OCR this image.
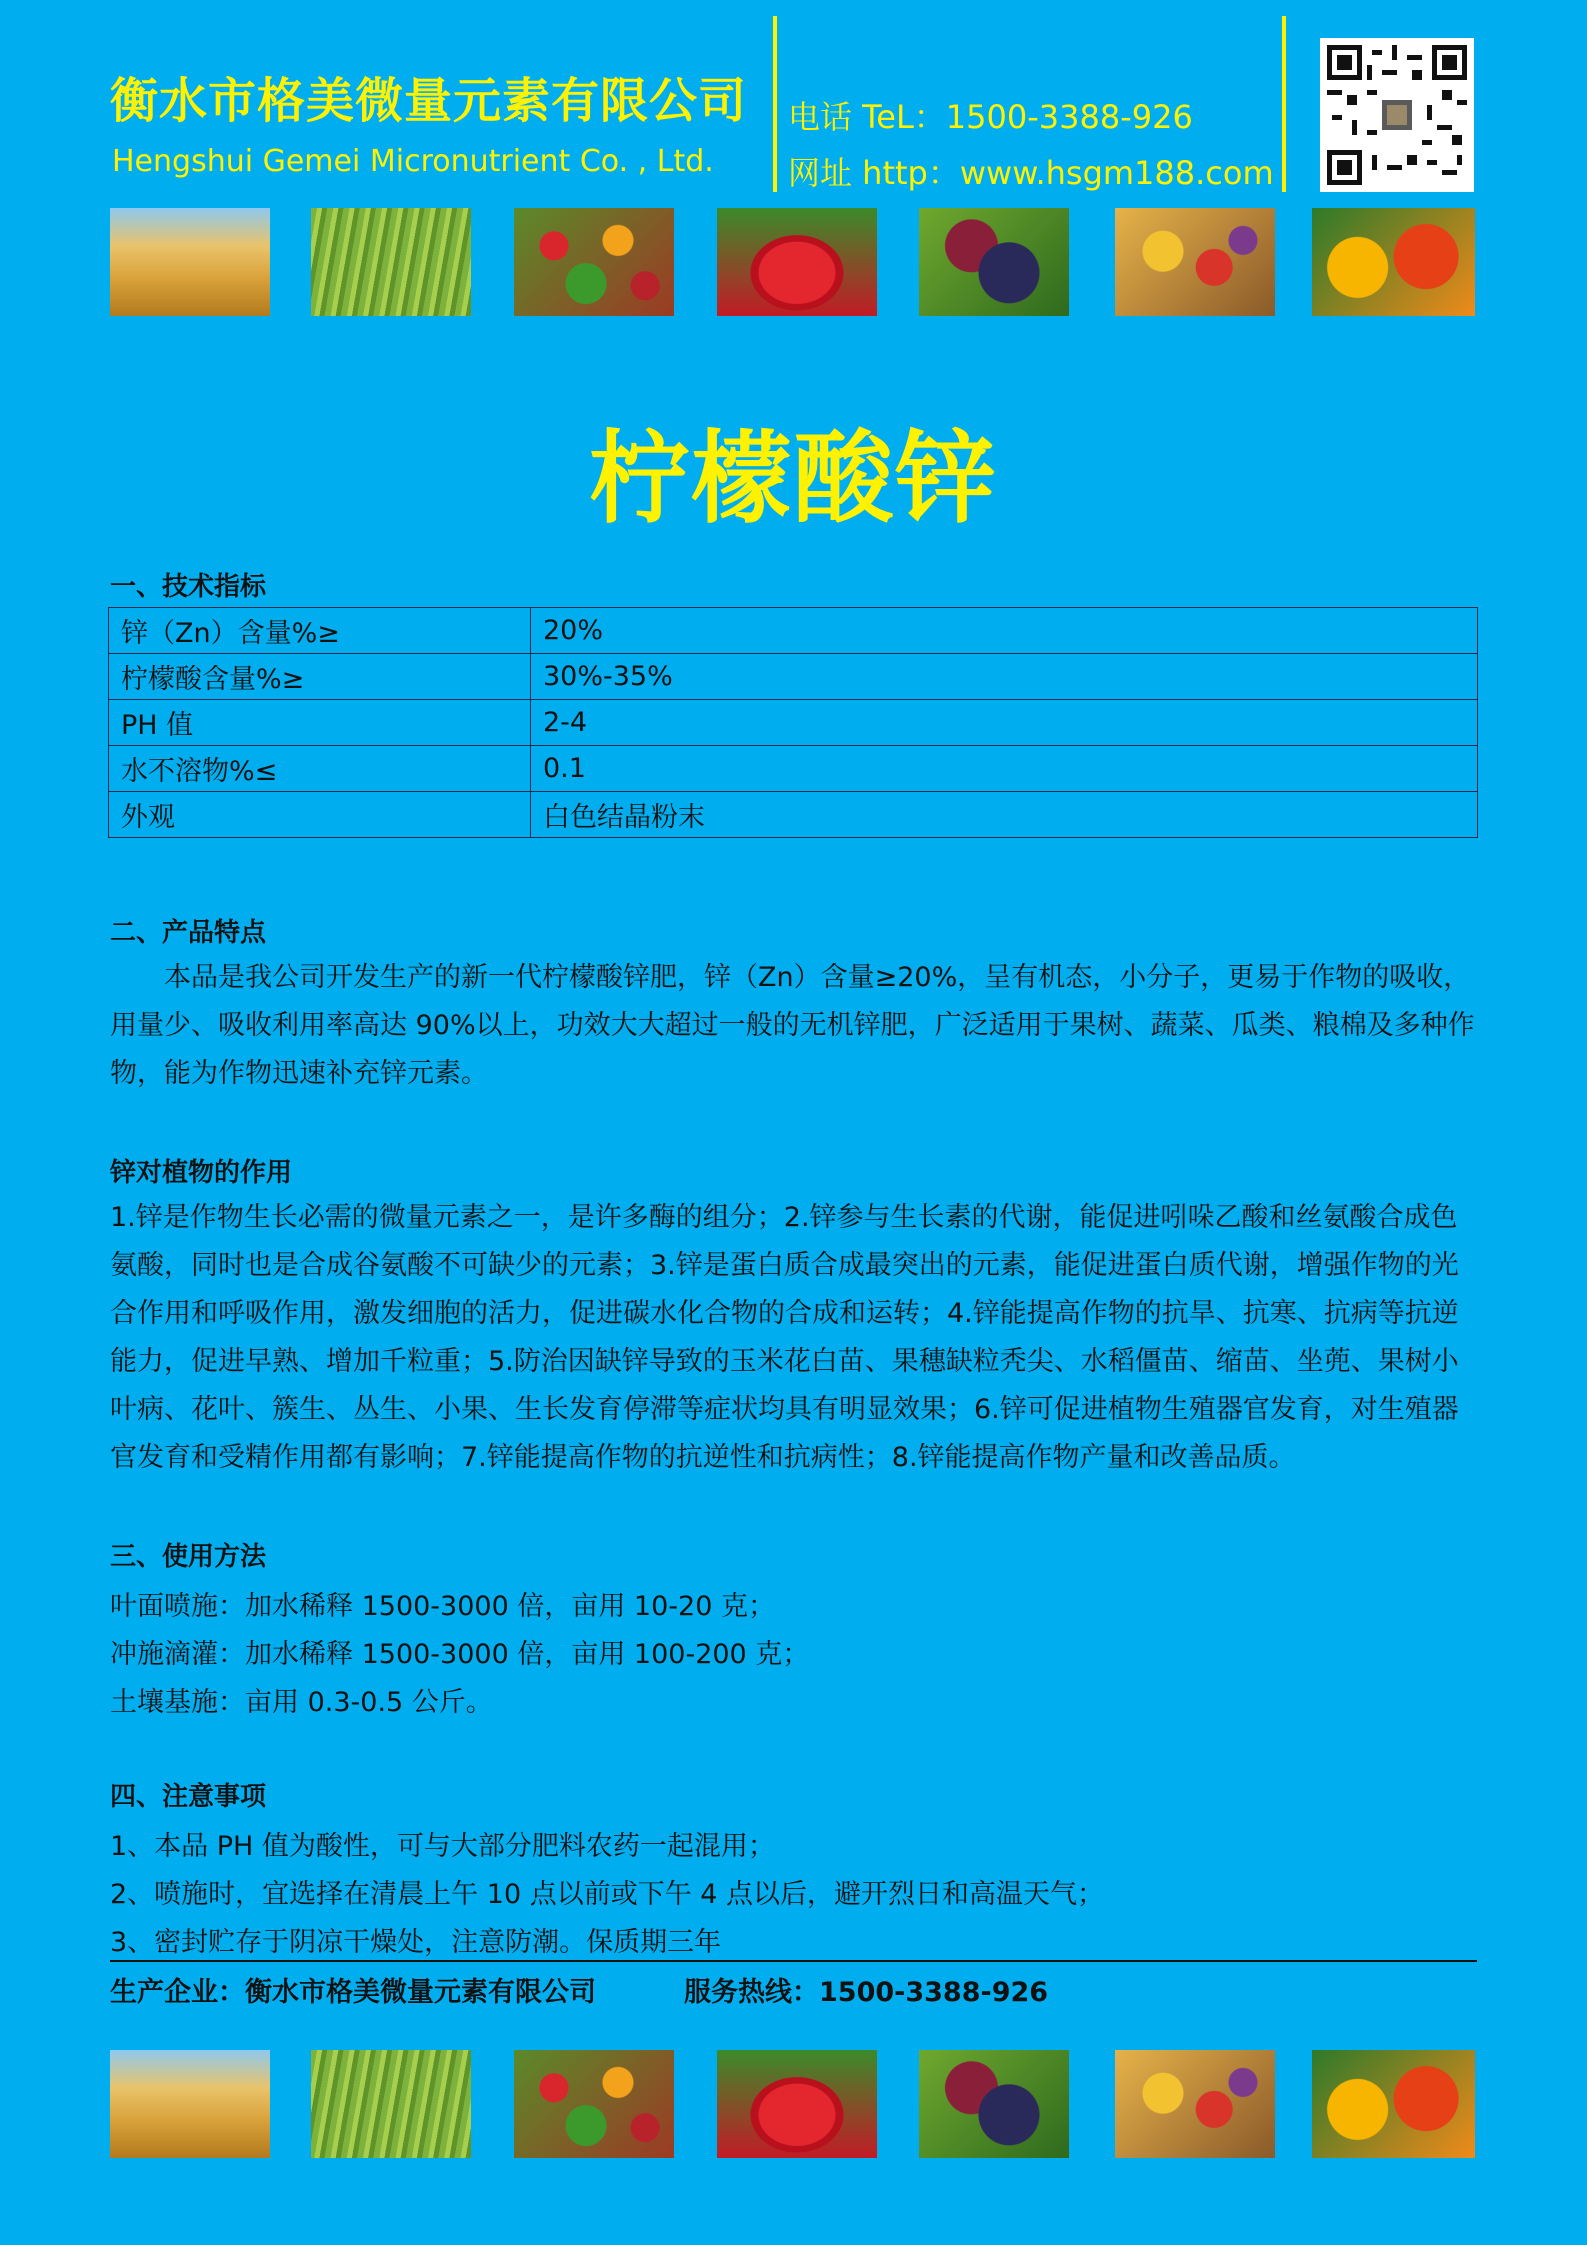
衡水市格美微量元素有限公司
Hengshui Gemei Micronutrient Co. , Ltd.
电话 TeL：1500-3388-926
网址 http：www.hsgm188.com
柠檬酸锌
一、技术指标
锌（Zn）含量%≥	20%
柠檬酸含量%≥	30%-35%
PH 值	2-4
水不溶物%≤	0.1
外观	白色结晶粉末
二、产品特点
　　本品是我公司开发生产的新一代柠檬酸锌肥，锌（Zn）含量≥20%，呈有机态，小分子，更易于作物的吸收，用量少、吸收利用率高达 90%以上，功效大大超过一般的无机锌肥，广泛适用于果树、蔬菜、瓜类、粮棉及多种作物，能为作物迅速补充锌元素。
锌对植物的作用
1.锌是作物生长必需的微量元素之一，是许多酶的组分；2.锌参与生长素的代谢，能促进吲哚乙酸和丝氨酸合成色氨酸，同时也是合成谷氨酸不可缺少的元素；3.锌是蛋白质合成最突出的元素，能促进蛋白质代谢，增强作物的光合作用和呼吸作用，激发细胞的活力，促进碳水化合物的合成和运转；4.锌能提高作物的抗旱、抗寒、抗病等抗逆能力，促进早熟、增加千粒重；5.防治因缺锌导致的玉米花白苗、果穗缺粒秃尖、水稻僵苗、缩苗、坐蔸、果树小叶病、花叶、簇生、丛生、小果、生长发育停滞等症状均具有明显效果；6.锌可促进植物生殖器官发育，对生殖器官发育和受精作用都有影响；7.锌能提高作物的抗逆性和抗病性；8.锌能提高作物产量和改善品质。
三、使用方法
叶面喷施：加水稀释 1500-3000 倍，亩用 10-20 克；
冲施滴灌：加水稀释 1500-3000 倍，亩用 100-200 克；
土壤基施：亩用 0.3-0.5 公斤。
四、注意事项
1、本品 PH 值为酸性，可与大部分肥料农药一起混用；
2、喷施时，宜选择在清晨上午 10 点以前或下午 4 点以后，避开烈日和高温天气；
3、密封贮存于阴凉干燥处，注意防潮。保质期三年
生产企业：衡水市格美微量元素有限公司	服务热线：1500-3388-926
